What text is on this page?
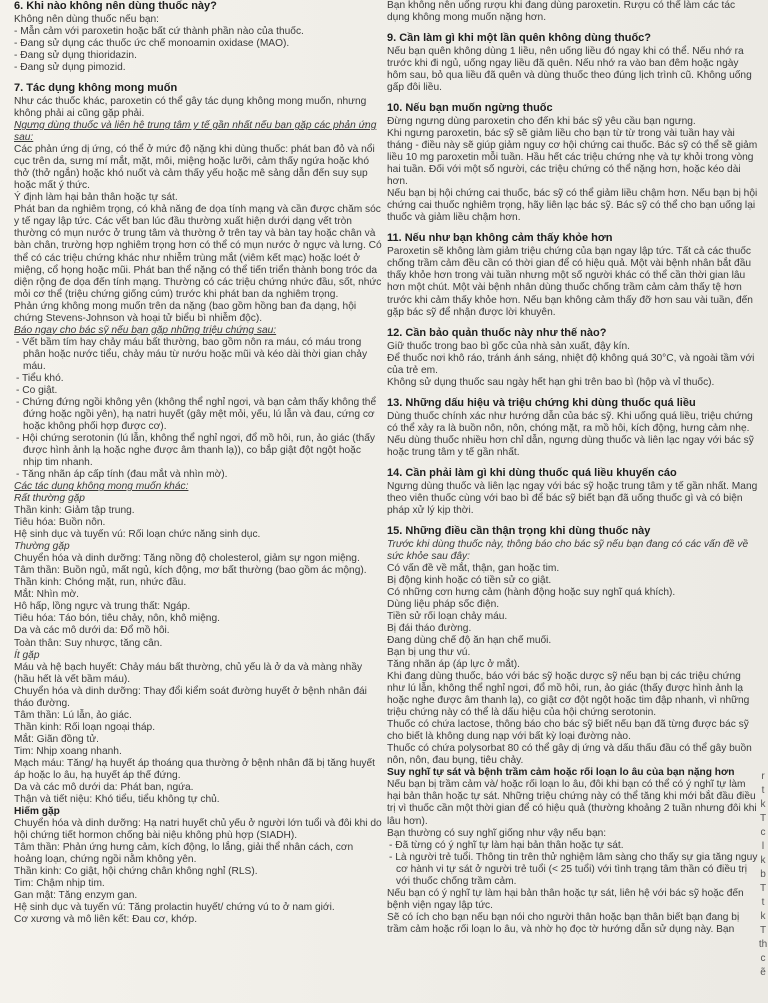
6. Khi nào không nên dùng thuốc này?
Không nên dùng thuốc nếu bạn:
- Mẫn cảm với paroxetin hoặc bất cứ thành phần nào của thuốc.
- Đang sử dụng các thuốc ức chế monoamin oxidase (MAO).
- Đang sử dụng thioridazin.
- Đang sử dụng pimozid.
7. Tác dụng không mong muốn
Như các thuốc khác, paroxetin có thể gây tác dụng không mong muốn, nhưng không phải ai cũng gặp phải.
Ngưng dùng thuốc và liên hệ trung tâm y tế gần nhất nếu bạn gặp các phản ứng sau:
Các phản ứng dị ứng, có thể ở mức độ nặng khi dùng thuốc: phát ban đỏ và nổi cục trên da, sưng mí mắt, mặt, môi, miệng hoặc lưỡi, cảm thấy ngứa hoặc khó thở (thở ngắn) hoặc khó nuốt và cảm thấy yếu hoặc mê sảng dẫn đến suy sụp hoặc mất ý thức.
Ý định làm hại bản thân hoặc tự sát.
Phát ban da nghiêm trọng, có khả năng đe dọa tính mạng và cần được chăm sóc y tế ngay lập tức. Các vết ban lúc đầu thường xuất hiện dưới dạng vết tròn thường có mụn nước ở trung tâm và thường ở trên tay và bàn tay hoặc chân và bàn chân, trường hợp nghiêm trọng hơn có thể có mụn nước ở ngực và lưng. Có thể có các triệu chứng khác như nhiễm trùng mắt (viêm kết mạc) hoặc loét ở miệng, cổ họng hoặc mũi. Phát ban thể nặng có thể tiến triển thành bong tróc da diện rộng đe dọa đến tính mạng. Thường có các triệu chứng nhức đầu, sốt, nhức mỏi cơ thể (triệu chứng giống cúm) trước khi phát ban da nghiêm trọng.
Phản ứng không mong muốn trên da nặng (bao gồm hồng ban đa dạng, hội chứng Stevens-Johnson và hoại tử biểu bì nhiễm độc).
Báo ngay cho bác sỹ nếu bạn gặp những triệu chứng sau:
- Vết bầm tím hay chảy máu bất thường, bao gồm nôn ra máu, có máu trong phân hoặc nước tiểu, chảy máu từ nướu hoặc mũi và kéo dài thời gian chảy máu.
- Tiểu khó.
- Co giật.
- Chứng đứng ngồi không yên (không thể nghỉ ngơi, và bạn cảm thấy không thể đứng hoặc ngồi yên), hạ natri huyết (gây mệt mỏi, yếu, lú lẫn và đau, cứng cơ hoặc không phối hợp được cơ).
- Hội chứng serotonin (lú lẫn, không thể nghỉ ngơi, đổ mồ hôi, run, ảo giác (thấy được hình ảnh lạ hoặc nghe được âm thanh lạ)), co bắp giật đột ngột hoặc nhịp tim nhanh.
- Tăng nhãn áp cấp tính (đau mắt và nhìn mờ).
Các tác dụng không mong muốn khác:
Rất thường gặp
Thần kinh: Giảm tập trung.
Tiêu hóa: Buồn nôn.
Hệ sinh dục và tuyến vú: Rối loạn chức năng sinh dục.
Thường gặp
Chuyển hóa và dinh dưỡng: Tăng nồng độ cholesterol, giảm sự ngon miệng.
Tâm thần: Buồn ngủ, mất ngủ, kích động, mơ bất thường (bao gồm ác mộng).
Thần kinh: Chóng mặt, run, nhức đầu.
Mắt: Nhìn mờ.
Hô hấp, lồng ngực và trung thất: Ngáp.
Tiêu hóa: Táo bón, tiêu chảy, nôn, khô miệng.
Da và các mô dưới da: Đổ mồ hôi.
Toàn thân: Suy nhược, tăng cân.
Ít gặp
Máu và hệ bạch huyết: Chảy máu bất thường, chủ yếu là ở da và màng nhầy (hầu hết là vết bầm máu).
Chuyển hóa và dinh dưỡng: Thay đổi kiểm soát đường huyết ở bệnh nhân đái tháo đường.
Tâm thần: Lú lẫn, ảo giác.
Thần kinh: Rối loạn ngoại tháp.
Mắt: Giãn đồng tử.
Tim: Nhịp xoang nhanh.
Mạch máu: Tăng/ hạ huyết áp thoáng qua thường ở bệnh nhân đã bị tăng huyết áp hoặc lo âu, hạ huyết áp thế đứng.
Da và các mô dưới da: Phát ban, ngứa.
Thận và tiết niệu: Khó tiểu, tiểu không tự chủ.
Hiếm gặp
Chuyển hóa và dinh dưỡng: Hạ natri huyết chủ yếu ở người lớn tuổi và đôi khi do hội chứng tiết hormon chống bài niệu không phù hợp (SIADH).
Tâm thần: Phản ứng hưng cảm, kích động, lo lắng, giải thể nhân cách, cơn hoảng loạn, chứng ngồi nằm không yên.
Thần kinh: Co giật, hội chứng chân không nghỉ (RLS).
Tim: Chậm nhịp tim.
Gan mật: Tăng enzym gan.
Hệ sinh dục và tuyến vú: Tăng prolactin huyết/ chứng vú to ở nam giới.
Cơ xương và mô liên kết: Đau cơ, khớp.
Bạn không nên uống rượu khi đang dùng paroxetin. Rượu có thể làm các tác dụng không mong muốn nặng hơn.
9. Cần làm gì khi một lần quên không dùng thuốc?
Nếu bạn quên không dùng 1 liều, nên uống liều đó ngay khi có thể. Nếu nhớ ra trước khi đi ngủ, uống ngay liều đã quên. Nếu nhớ ra vào ban đêm hoặc ngày hôm sau, bỏ qua liều đã quên và dùng thuốc theo đúng lịch trình cũ. Không uống gấp đôi liều.
10. Nếu bạn muốn ngừng thuốc
Đừng ngưng dùng paroxetin cho đến khi bác sỹ yêu cầu bạn ngưng.
Khi ngưng paroxetin, bác sỹ sẽ giảm liều cho bạn từ từ trong vài tuần hay vài tháng - điều này sẽ giúp giảm nguy cơ hội chứng cai thuốc. Bác sỹ có thể sẽ giảm liều 10 mg paroxetin mỗi tuần. Hầu hết các triệu chứng nhẹ và tự khỏi trong vòng hai tuần. Đối với một số người, các triệu chứng có thể nặng hơn, hoặc kéo dài hơn.
Nếu bạn bị hội chứng cai thuốc, bác sỹ có thể giảm liều chậm hơn. Nếu bạn bị hội chứng cai thuốc nghiêm trọng, hãy liên lạc bác sỹ. Bác sỹ có thể cho bạn uống lại thuốc và giảm liều chậm hơn.
11. Nếu như bạn không cảm thấy khỏe hơn
Paroxetin sẽ không làm giảm triệu chứng của bạn ngay lập tức. Tất cả các thuốc chống trầm cảm đều cần có thời gian để có hiệu quả. Một vài bệnh nhân bắt đầu thấy khỏe hơn trong vài tuần nhưng một số người khác có thể cần thời gian lâu hơn một chút. Một vài bệnh nhân dùng thuốc chống trầm cảm cảm thấy tệ hơn trước khi cảm thấy khỏe hơn. Nếu bạn không cảm thấy đỡ hơn sau vài tuần, đến gặp bác sỹ để nhận được lời khuyên.
12. Cần bảo quản thuốc này như thế nào?
Giữ thuốc trong bao bì gốc của nhà sản xuất, đậy kín.
Để thuốc nơi khô ráo, tránh ánh sáng, nhiệt độ không quá 30°C, và ngoài tầm với của trẻ em.
Không sử dụng thuốc sau ngày hết hạn ghi trên bao bì (hộp và vỉ thuốc).
13. Những dấu hiệu và triệu chứng khi dùng thuốc quá liều
Dùng thuốc chính xác như hướng dẫn của bác sỹ. Khi uống quá liều, triệu chứng có thể xảy ra là buồn nôn, nôn, chóng mặt, ra mồ hôi, kích động, hưng cảm nhẹ. Nếu dùng thuốc nhiều hơn chỉ dẫn, ngưng dùng thuốc và liên lạc ngay với bác sỹ hoặc trung tâm y tế gần nhất.
14. Cần phải làm gì khi dùng thuốc quá liều khuyến cáo
Ngưng dùng thuốc và liên lạc ngay với bác sỹ hoặc trung tâm y tế gần nhất. Mang theo viên thuốc cùng với bao bì để bác sỹ biết bạn đã uống thuốc gì và có biện pháp xử lý kịp thời.
15. Những điều cần thận trọng khi dùng thuốc này
Trước khi dùng thuốc này, thông báo cho bác sỹ nếu bạn đang có các vấn đề về sức khỏe sau đây:
Có vấn đề về mắt, thận, gan hoặc tim.
Bị động kinh hoặc có tiền sử co giật.
Có những cơn hưng cảm (hành động hoặc suy nghĩ quá khích).
Dùng liệu pháp sốc điện.
Tiền sử rối loạn chảy máu.
Bị đái tháo đường.
Đang dùng chế độ ăn hạn chế muối.
Bạn bị ung thư vú.
Tăng nhãn áp (áp lực ở mắt).
Khi đang dùng thuốc, báo với bác sỹ hoặc dược sỹ nếu bạn bị các triệu chứng như lú lẫn, không thể nghỉ ngơi, đổ mồ hôi, run, ảo giác (thấy được hình ảnh lạ hoặc nghe được âm thanh lạ), co giật cơ đột ngột hoặc tim đập nhanh, vì những triệu chứng này có thể là dấu hiệu của hội chứng serotonin.
Thuốc có chứa lactose, thông báo cho bác sỹ biết nếu bạn đã từng được bác sỹ cho biết là không dung nạp với bất kỳ loại đường nào.
Thuốc có chứa polysorbat 80 có thể gây dị ứng và dấu thấu đầu có thể gây buồn nôn, nôn, đau bụng, tiêu chảy.
Suy nghĩ tự sát và bệnh trầm cảm hoặc rối loạn lo âu của bạn nặng hơn
Nếu bạn bị trầm cảm và/ hoặc rối loạn lo âu, đôi khi bạn có thể có ý nghĩ tự làm hại bản thân hoặc tự sát. Những triệu chứng này có thể tăng khi mới bắt đầu điều trị vì thuốc cần một thời gian để có hiệu quả (thường khoảng 2 tuần nhưng đôi khi lâu hơn).
Bạn thường có suy nghĩ giống như vậy nếu bạn:
- Đã từng có ý nghĩ tự làm hại bản thân hoặc tự sát.
- Là người trẻ tuổi. Thông tin trên thử nghiệm lâm sàng cho thấy sự gia tăng nguy cơ hành vi tự sát ở người trẻ tuổi (< 25 tuổi) với tình trạng tâm thần có điều trị với thuốc chống trầm cảm.
Nếu bạn có ý nghĩ tự làm hại bản thân hoặc tự sát, liên hệ với bác sỹ hoặc đến bệnh viện ngay lập tức.
Sẽ có ích cho bạn nếu bạn nói cho người thân hoặc bạn thân biết bạn đang bị trầm cảm hoặc rối loạn lo âu, và nhờ họ đọc tờ hướng dẫn sử dụng này. Bạn
r
t
k
T
c
l
k
b
T
t
k
T
th
c
ẽ
